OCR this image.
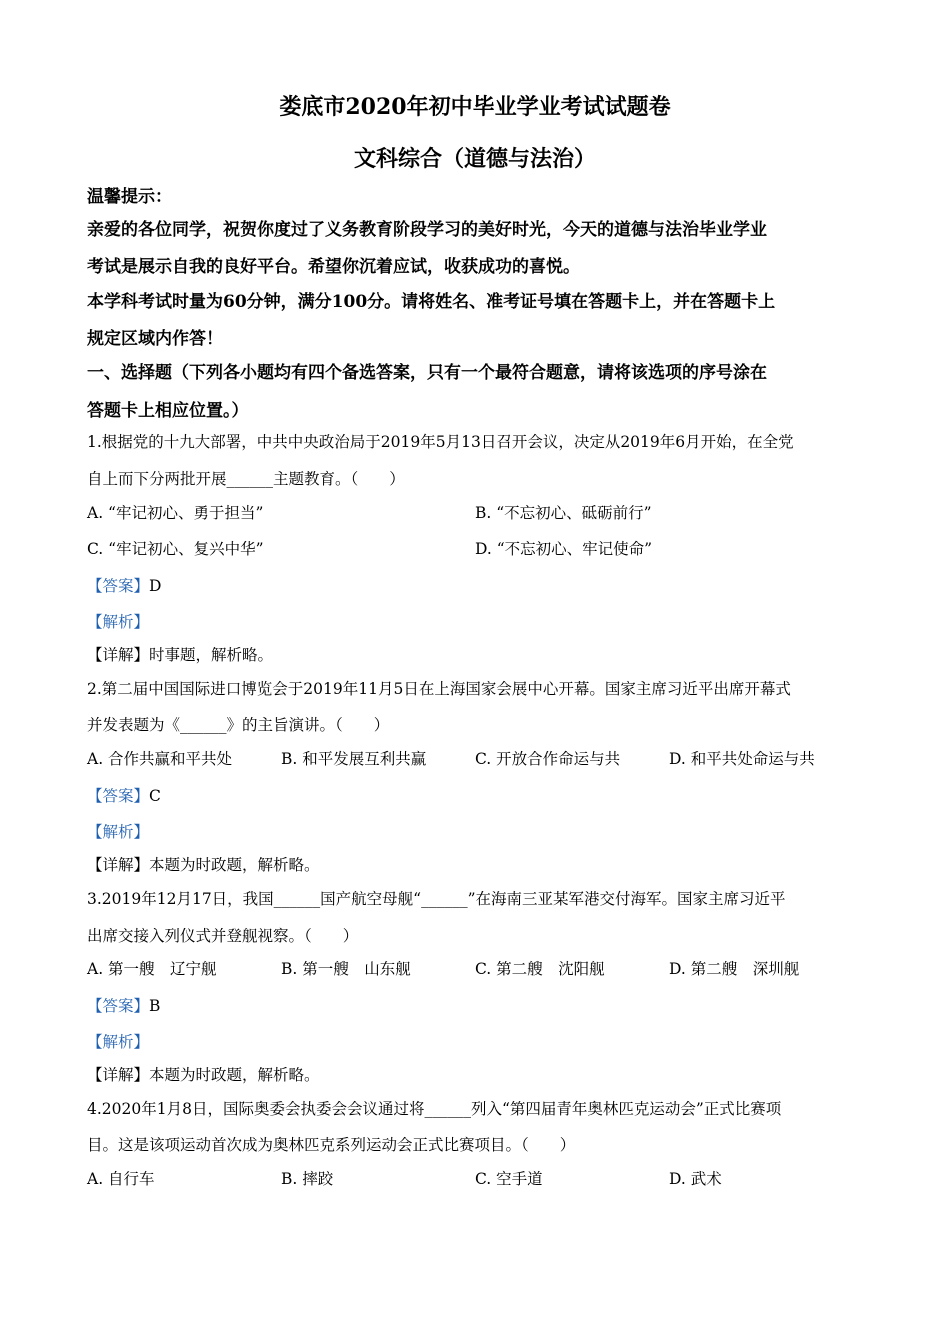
娄底市2020年初中毕业学业考试试题卷
文科综合（道德与法治）
温馨提示：
亲爱的各位同学，祝贺你度过了义务教育阶段学习的美好时光，今天的道德与法治毕业学业
考试是展示自我的良好平台。希望你沉着应试，收获成功的喜悦。
本学科考试时量为60分钟，满分100分。请将姓名、准考证号填在答题卡上，并在答题卡上
规定区域内作答！
一、选择题（下列各小题均有四个备选答案，只有一个最符合题意，请将该选项的序号涂在
答题卡上相应位置。）
1.根据党的十九大部署，中共中央政治局于2019年5月13日召开会议，决定从2019年6月开始，在全党
自上而下分两批开展______主题教育。（　　）
A. “牢记初心、勇于担当”	B. “不忘初心、砥砺前行”
C. “牢记初心、复兴中华”	D. “不忘初心、牢记使命”
【答案】D
【解析】
【详解】时事题，解析略。
2.第二届中国国际进口博览会于2019年11月5日在上海国家会展中心开幕。国家主席习近平出席开幕式
并发表题为《______》的主旨演讲。（　　）
A. 合作共赢和平共处	B. 和平发展互利共赢	C. 开放合作命运与共	D. 和平共处命运与共
【答案】C
【解析】
【详解】本题为时政题，解析略。
3.2019年12月17日，我国______国产航空母舰“______”在海南三亚某军港交付海军。国家主席习近平
出席交接入列仪式并登舰视察。（　　）
A. 第一艘　辽宁舰	B. 第一艘　山东舰	C. 第二艘　沈阳舰	D. 第二艘　深圳舰
【答案】B
【解析】
【详解】本题为时政题，解析略。
4.2020年1月8日，国际奥委会执委会会议通过将______列入“第四届青年奥林匹克运动会”正式比赛项
目。这是该项运动首次成为奥林匹克系列运动会正式比赛项目。（　　）
A. 自行车	B. 摔跤	C. 空手道	D. 武术
